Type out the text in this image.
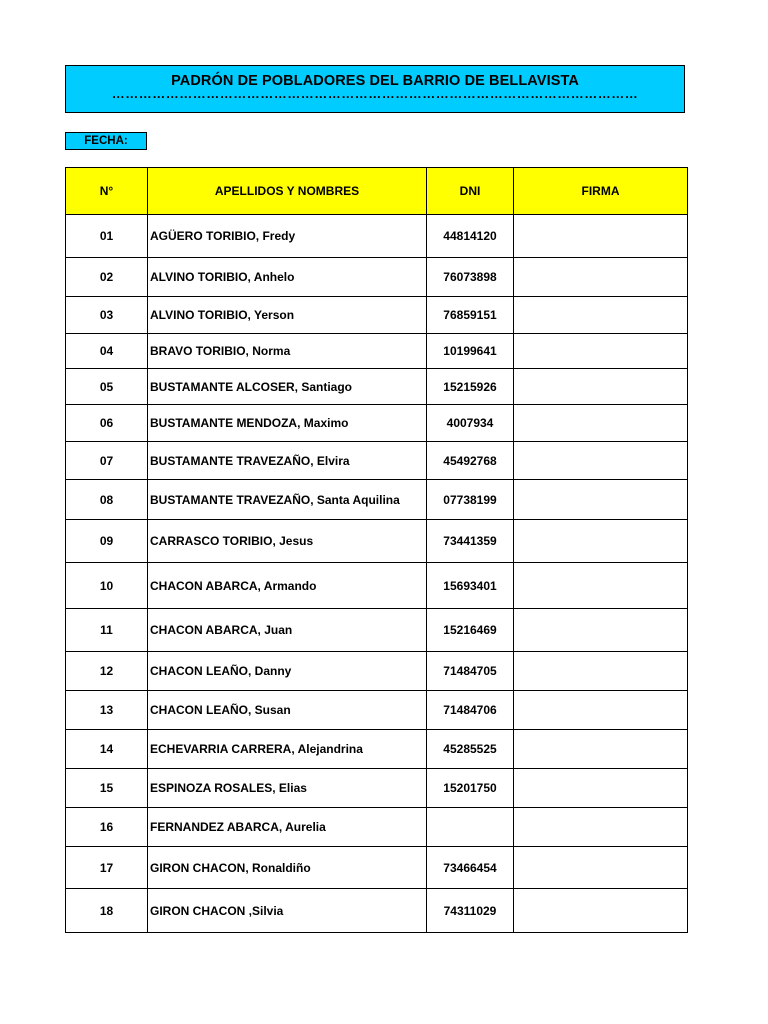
PADRÓN DE POBLADORES DEL BARRIO DE BELLAVISTA
………………………………………………………………………………………………………
FECHA:
N°	APELLIDOS Y NOMBRES	DNI	FIRMA
01	AGÜERO TORIBIO, Fredy	44814120	
02	ALVINO TORIBIO, Anhelo	76073898	
03	ALVINO TORIBIO, Yerson	76859151	
04	BRAVO TORIBIO, Norma	10199641	
05	BUSTAMANTE ALCOSER, Santiago	15215926	
06	BUSTAMANTE MENDOZA, Maximo	4007934	
07	BUSTAMANTE TRAVEZAÑO, Elvira	45492768	
08	BUSTAMANTE TRAVEZAÑO, Santa Aquilina	07738199	
09	CARRASCO TORIBIO, Jesus	73441359	
10	CHACON ABARCA, Armando	15693401	
11	CHACON ABARCA, Juan	15216469	
12	CHACON LEAÑO, Danny	71484705	
13	CHACON LEAÑO, Susan	71484706	
14	ECHEVARRIA CARRERA, Alejandrina	45285525	
15	ESPINOZA ROSALES, Elias	15201750	
16	FERNANDEZ ABARCA, Aurelia		
17	GIRON CHACON, Ronaldiño	73466454	
18	GIRON CHACON ,Silvia	74311029	
